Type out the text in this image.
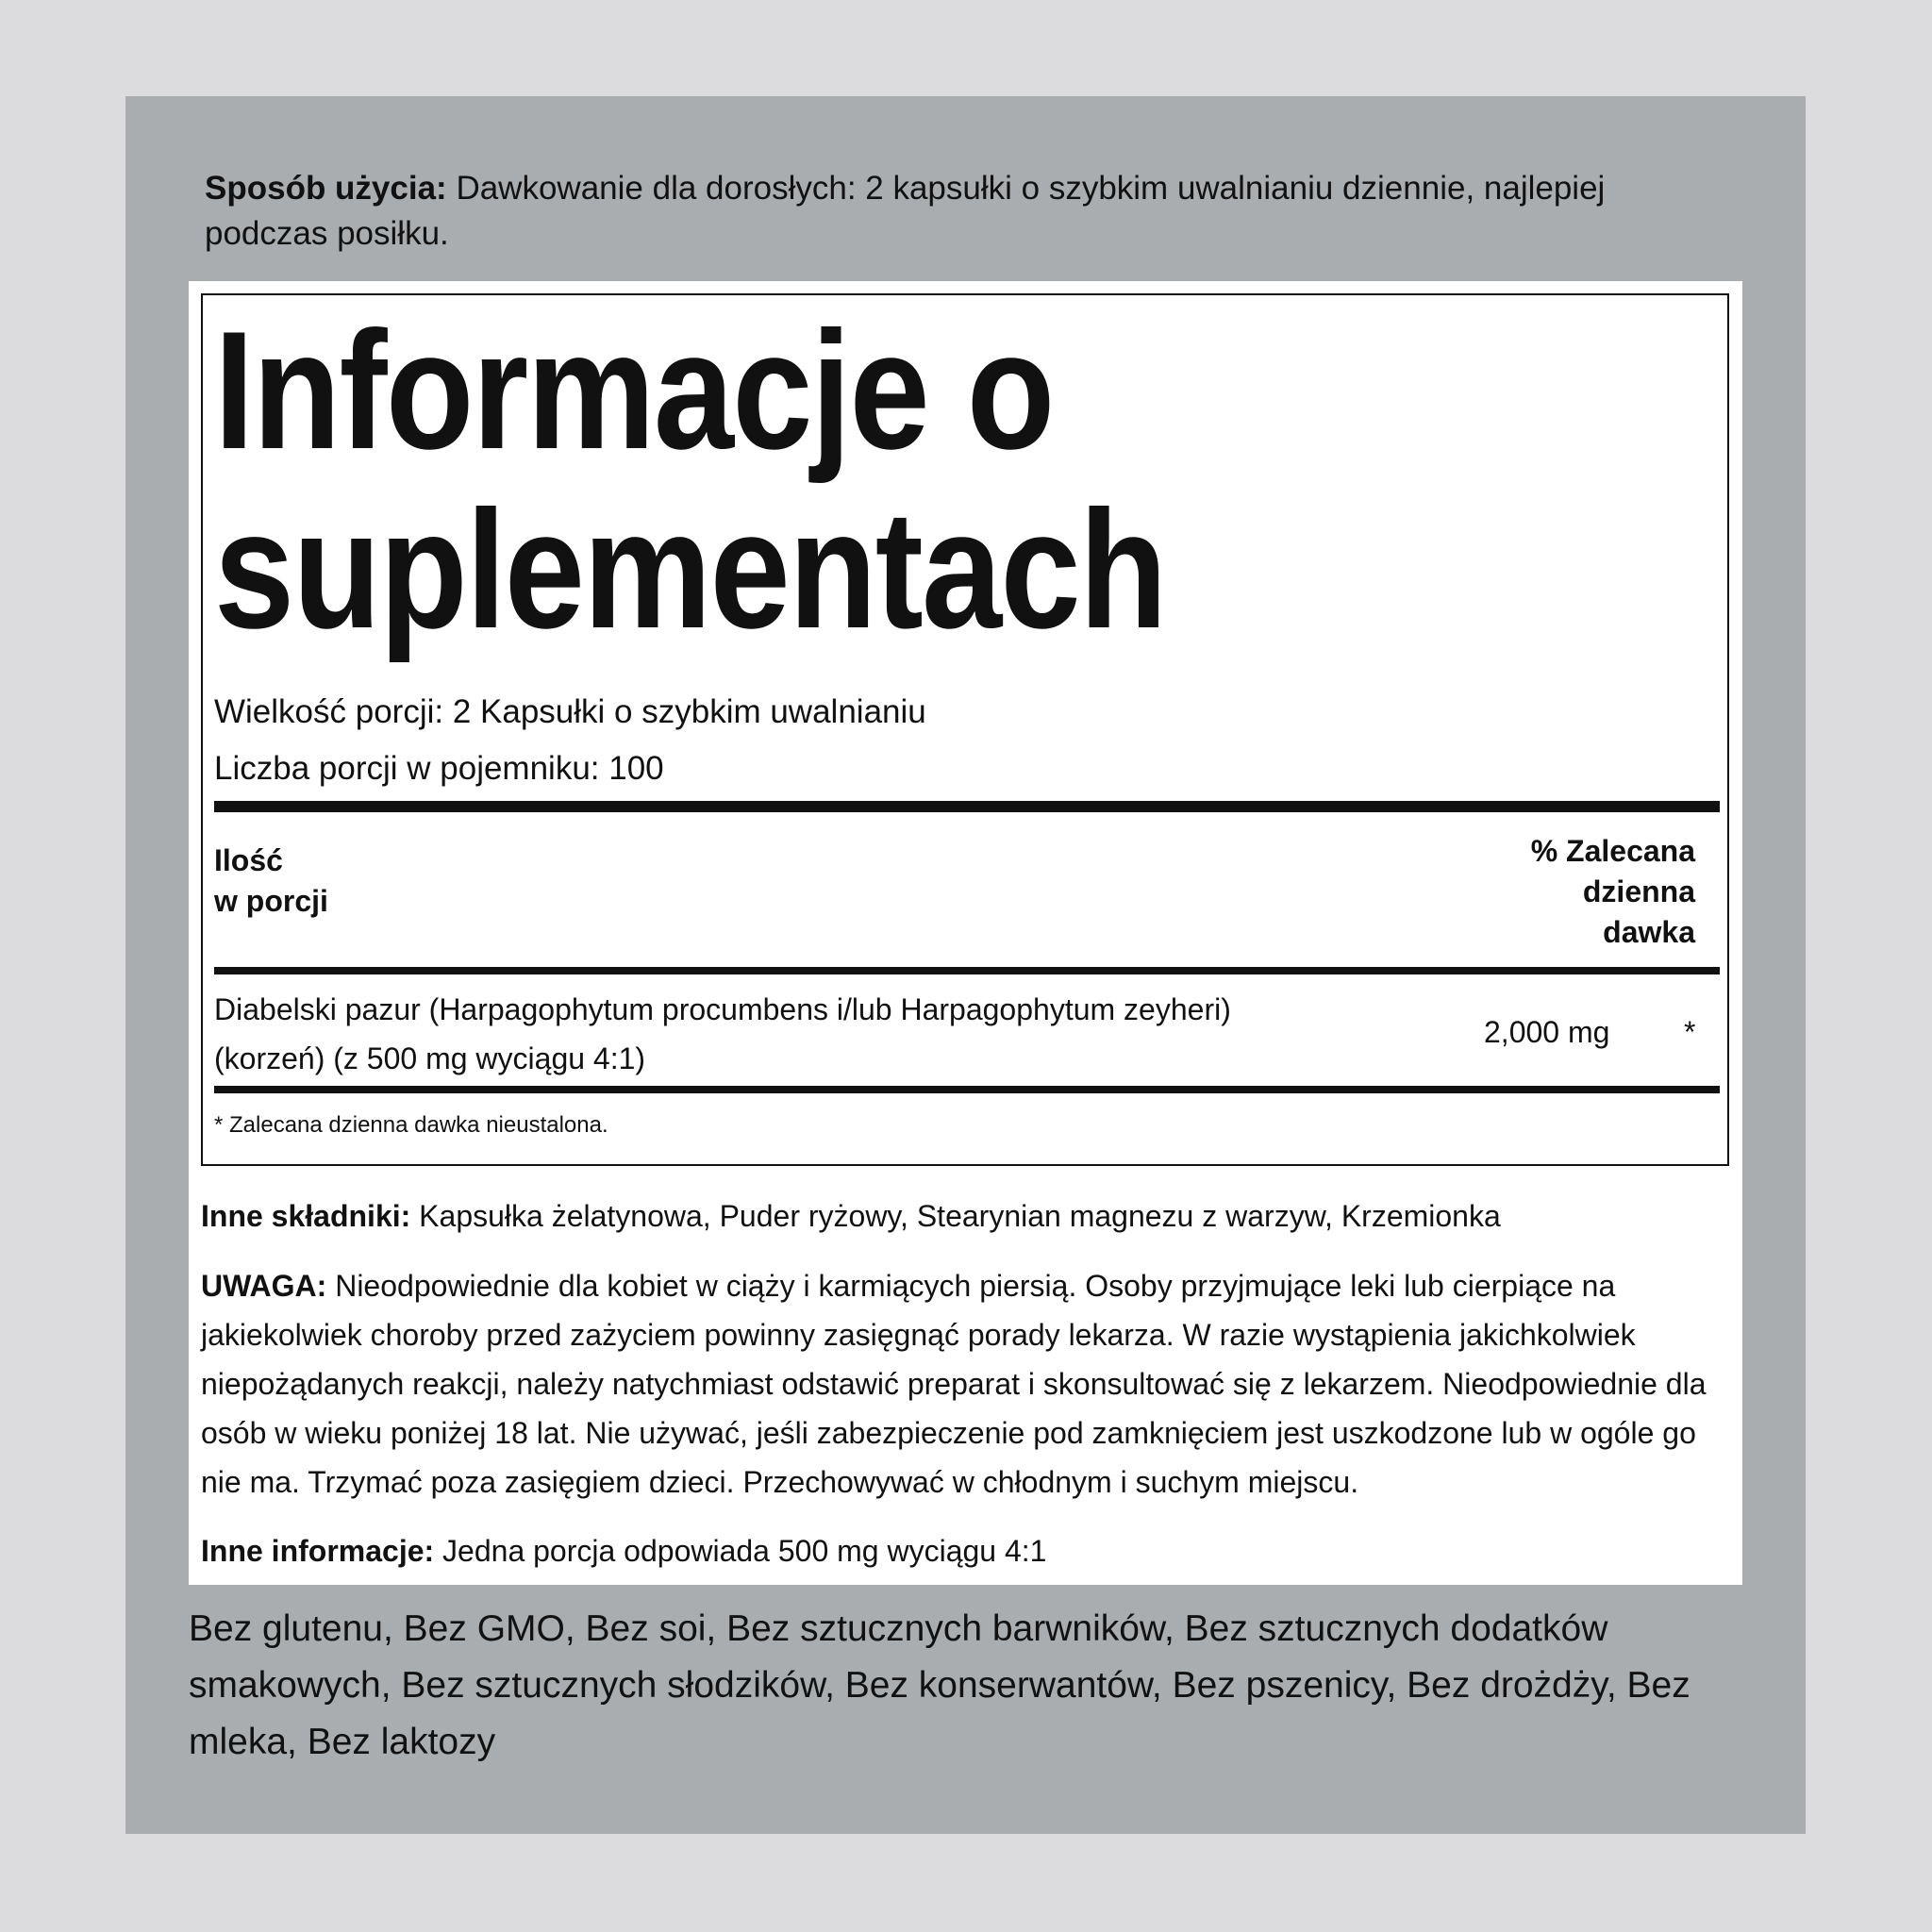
Sposób użycia: Dawkowanie dla dorosłych: 2 kapsułki o szybkim uwalnianiu dziennie, najlepiej podczas posiłku.
Informacje o
suplementach
Wielkość porcji: 2 Kapsułki o szybkim uwalnianiu
Liczba porcji w pojemniku: 100
Ilość
w porcji
% Zalecana
dzienna
dawka
Diabelski pazur (Harpagophytum procumbens i/lub Harpagophytum zeyheri)
(korzeń) (z 500 mg wyciągu 4:1)
2,000 mg *
* Zalecana dzienna dawka nieustalona.
Inne składniki: Kapsułka żelatynowa, Puder ryżowy, Stearynian magnezu z warzyw, Krzemionka
UWAGA: Nieodpowiednie dla kobiet w ciąży i karmiących piersią. Osoby przyjmujące leki lub cierpiące na jakiekolwiek choroby przed zażyciem powinny zasięgnąć porady lekarza. W razie wystąpienia jakichkolwiek niepożądanych reakcji, należy natychmiast odstawić preparat i skonsultować się z lekarzem. Nieodpowiednie dla osób w wieku poniżej 18 lat. Nie używać, jeśli zabezpieczenie pod zamknięciem jest uszkodzone lub w ogóle go nie ma. Trzymać poza zasięgiem dzieci. Przechowywać w chłodnym i suchym miejscu.
Inne informacje: Jedna porcja odpowiada 500 mg wyciągu 4:1
Bez glutenu, Bez GMO, Bez soi, Bez sztucznych barwników, Bez sztucznych dodatków smakowych, Bez sztucznych słodzików, Bez konserwantów, Bez pszenicy, Bez drożdży, Bez mleka, Bez laktozy
